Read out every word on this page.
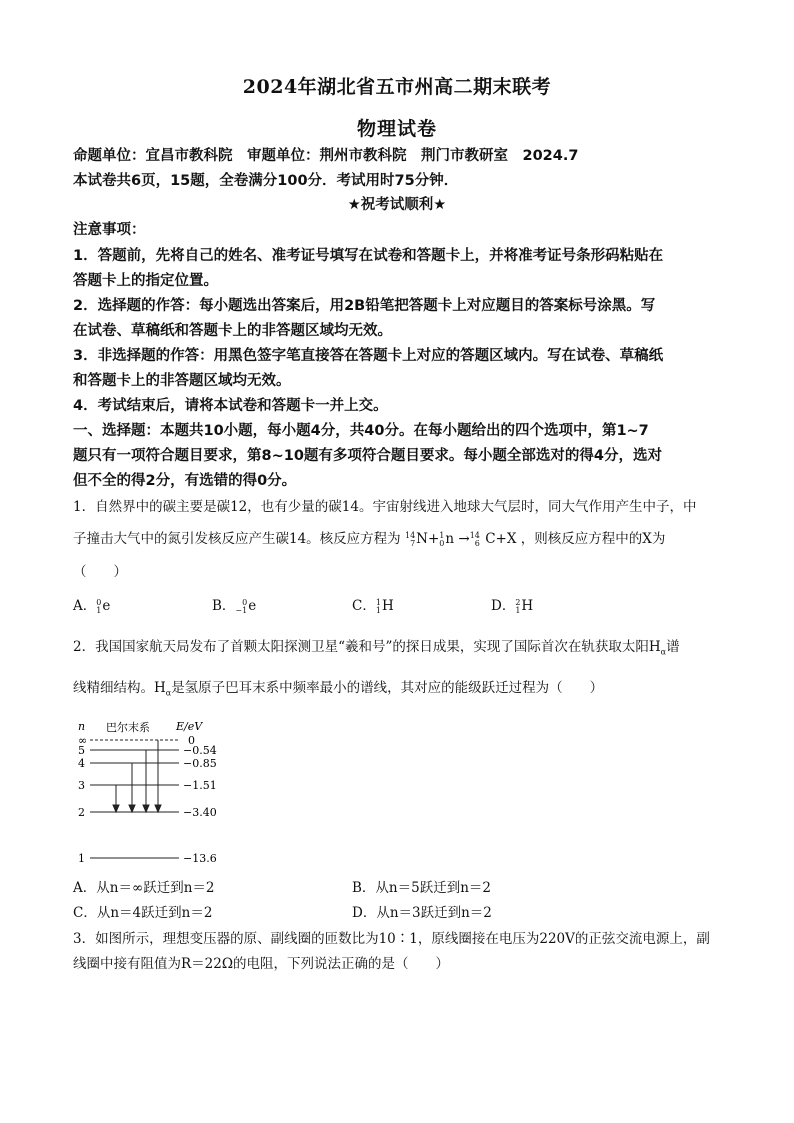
2024年湖北省五市州高二期末联考
物理试卷
命题单位：宜昌市教科院　审题单位：荆州市教科院　荆门市教研室　2024.7
本试卷共6页，15题，全卷满分100分．考试用时75分钟．
★祝考试顺利★
注意事项：
1．答题前，先将自己的姓名、准考证号填写在试卷和答题卡上，并将准考证号条形码粘贴在
答题卡上的指定位置。
2．选择题的作答：每小题选出答案后，用2B铅笔把答题卡上对应题目的答案标号涂黑。写
在试卷、草稿纸和答题卡上的非答题区域均无效。
3．非选择题的作答：用黑色签字笔直接答在答题卡上对应的答题区域内。写在试卷、草稿纸
和答题卡上的非答题区域均无效。
4．考试结束后，请将本试卷和答题卡一并上交。
一、选择题：本题共10小题，每小题4分，共40分。在每小题给出的四个选项中，第1~7
题只有一项符合题目要求，第8~10题有多项符合题目要求。每小题全部选对的得4分，选对
但不全的得2分，有选错的得0分。
1．自然界中的碳主要是碳12，也有少量的碳14。宇宙射线进入地球大气层时，同大气作用产生中子，中
子撞击大气中的氮引发核反应产生碳14。核反应方程为 14
7 N+ 1
0 n → 14
6 C+X ，则核反应方程中的X为
（　　）
A． 0
1 e	B． 0
−1 e	C． 1
1 H	D． 2
1 H
2．我国国家航天局发布了首颗太阳探测卫星“羲和号”的探日成果，实现了国际首次在轨获取太阳$H_\alpha$谱
线精细结构。$H_\alpha$是氢原子巴耳末系中频率最小的谱线，其对应的能级跃迁过程为（　　）
n 巴尔末系 E/eV
∞
5
4
3
2
1
0
−0.54
−0.85
−1.51
−3.40
−13.6
A．从n＝∞跃迁到n＝2	B．从n＝5跃迁到n＝2
C．从n＝4跃迁到n＝2	D．从n＝3跃迁到n＝2
3．如图所示，理想变压器的原、副线圈的匝数比为10∶1，原线圈接在电压为220V的正弦交流电源上，副
线圈中接有阻值为R＝22Ω的电阻，下列说法正确的是（　　）
